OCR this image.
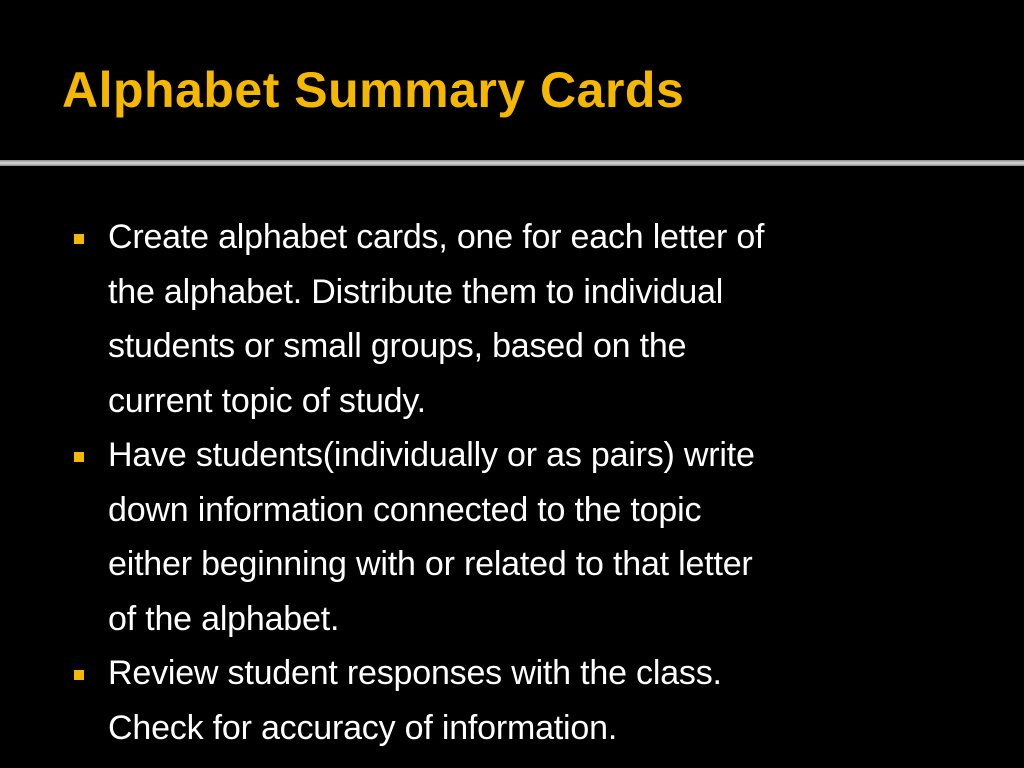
Alphabet Summary Cards
Create alphabet cards, one for each letter of
the alphabet. Distribute them to individual
students or small groups, based on the
current topic of study.
Have students(individually or as pairs) write
down information connected to the topic
either beginning with or related to that letter
of the alphabet.
Review student responses with the class.
Check for accuracy of information.
